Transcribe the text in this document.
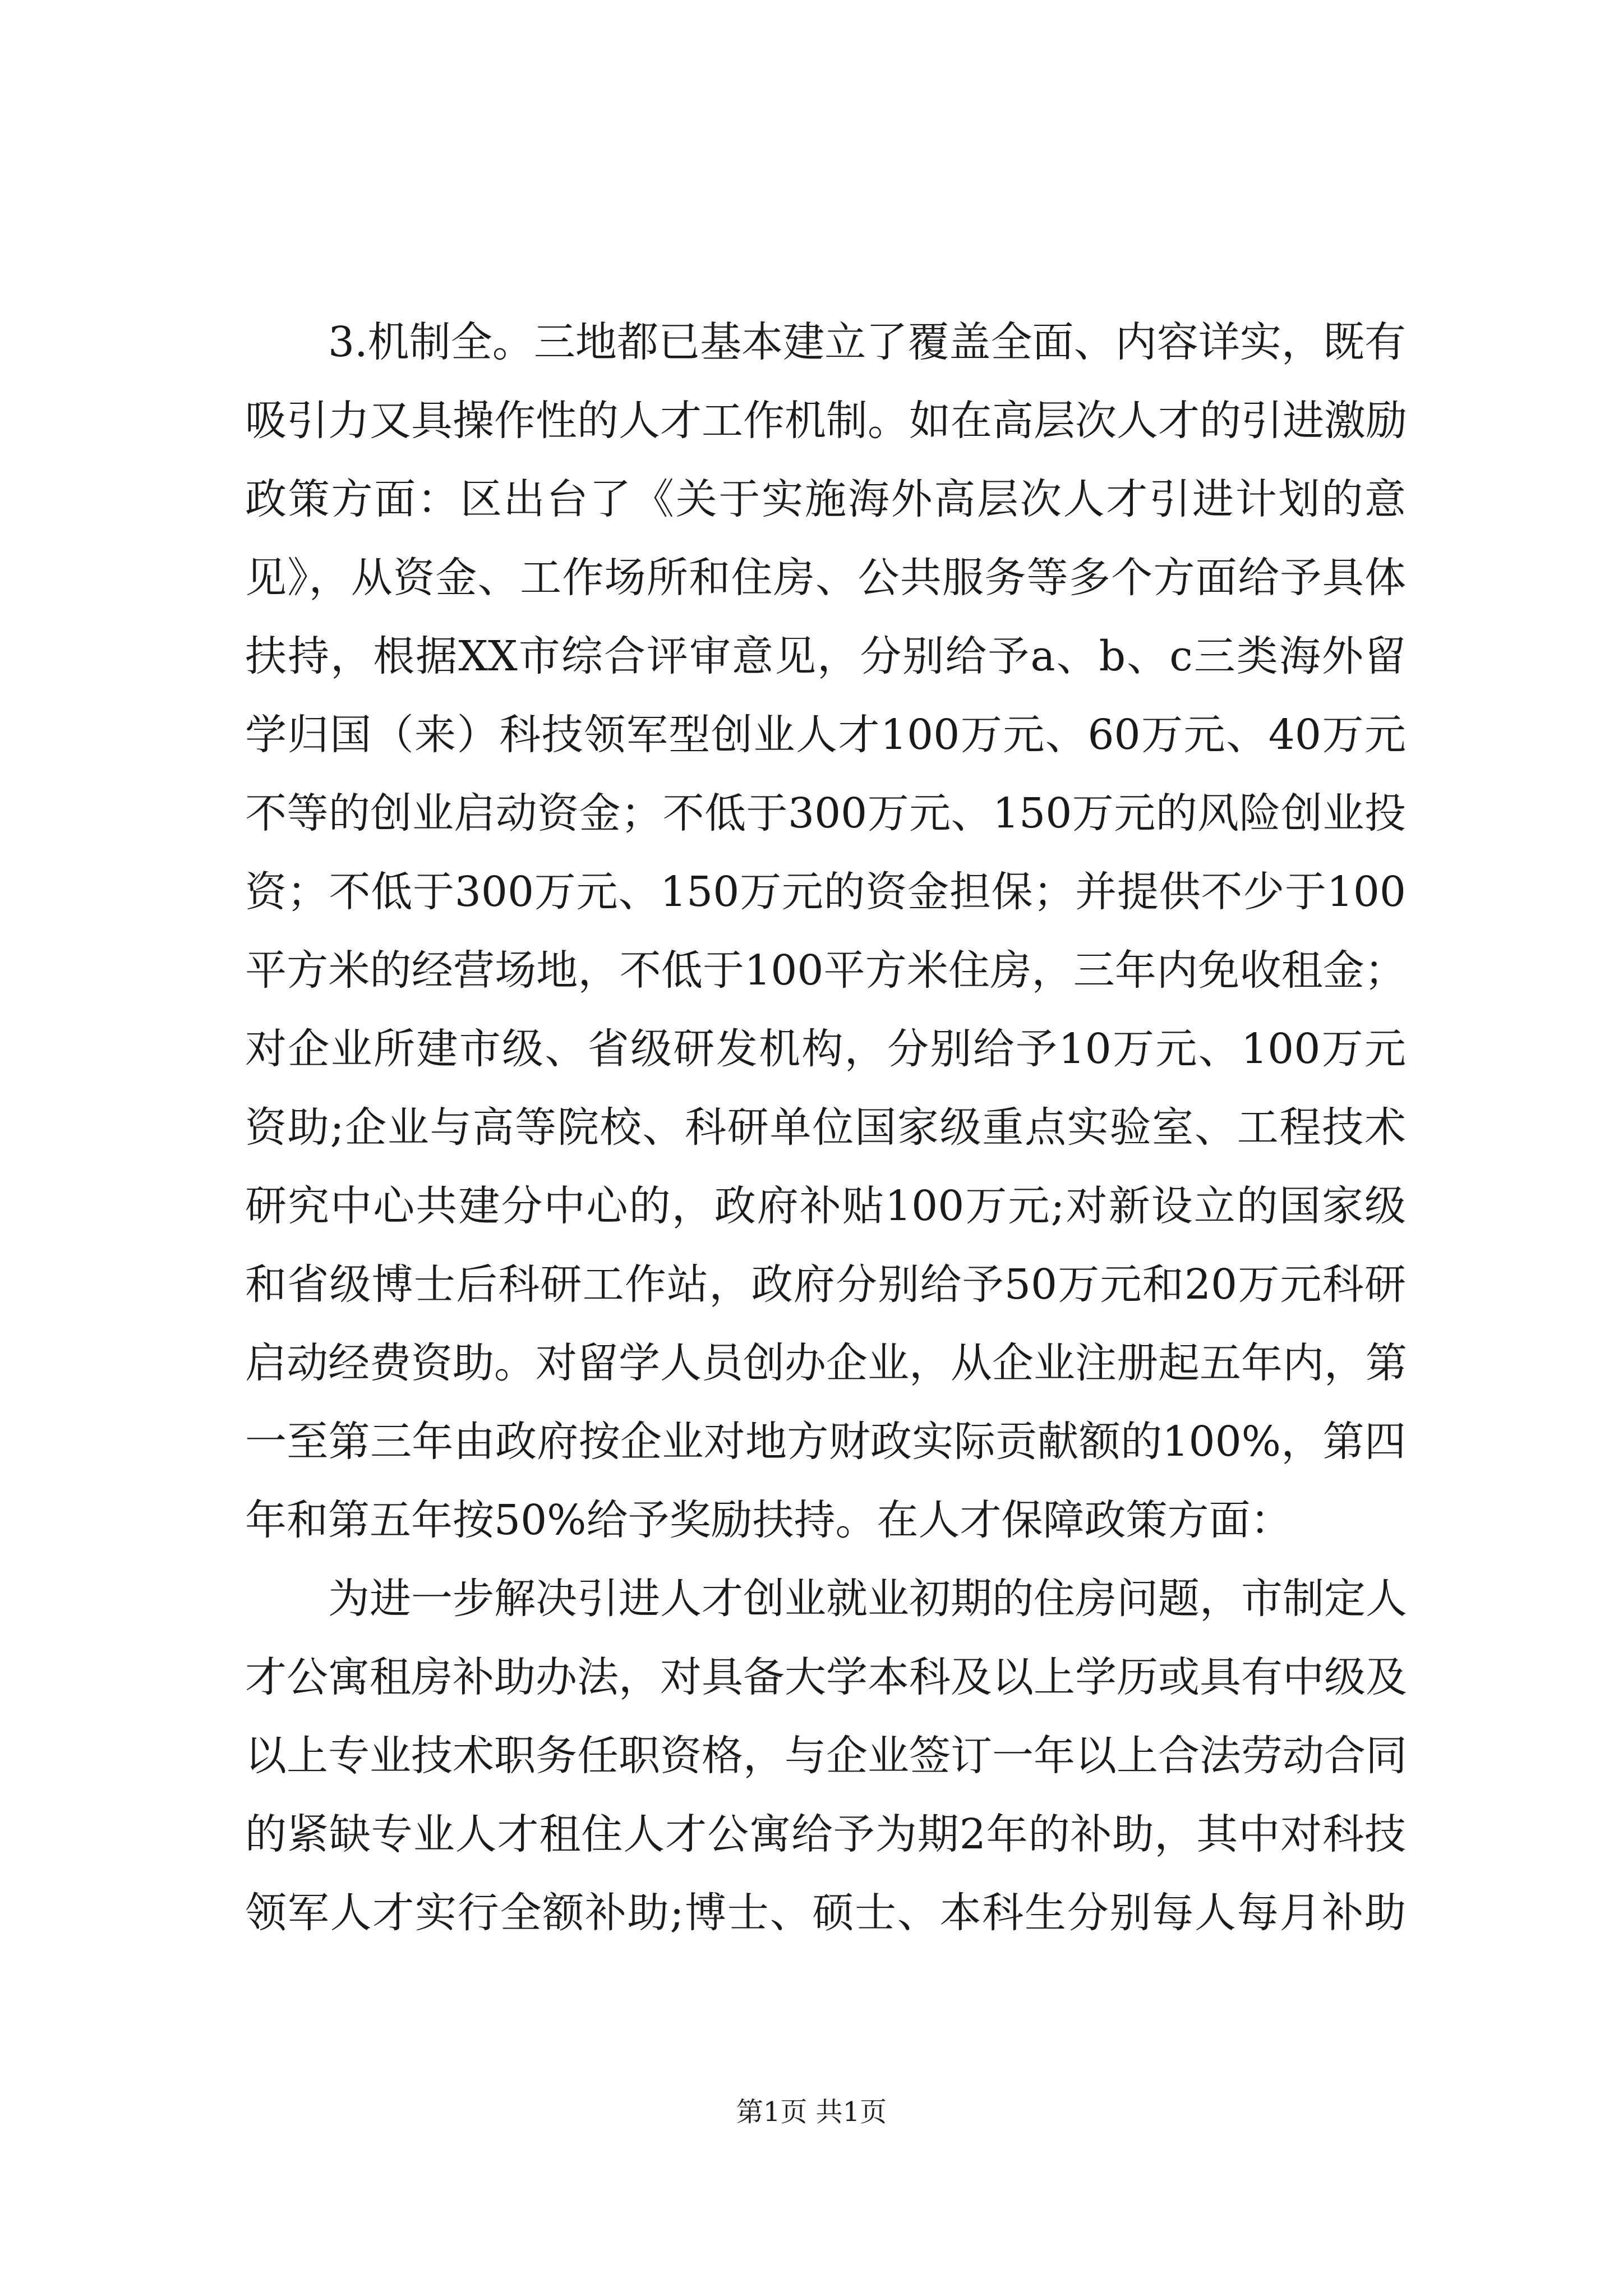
3.机制全。三地都已基本建立了覆盖全面、内容详实，既有
吸引力又具操作性的人才工作机制。如在高层次人才的引进激励
政策方面：区出台了《关于实施海外高层次人才引进计划的意
见》，从资金、工作场所和住房、公共服务等多个方面给予具体
扶持，根据XX市综合评审意见，分别给予a、b、c三类海外留
学归国（来）科技领军型创业人才100万元、60万元、40万元
不等的创业启动资金；不低于300万元、150万元的风险创业投
资；不低于300万元、150万元的资金担保；并提供不少于100
平方米的经营场地，不低于100平方米住房，三年内免收租金；
对企业所建市级、省级研发机构，分别给予10万元、100万元
资助;企业与高等院校、科研单位国家级重点实验室、工程技术
研究中心共建分中心的，政府补贴100万元;对新设立的国家级
和省级博士后科研工作站，政府分别给予50万元和20万元科研
启动经费资助。对留学人员创办企业，从企业注册起五年内，第
一至第三年由政府按企业对地方财政实际贡献额的100%，第四
年和第五年按50%给予奖励扶持。在人才保障政策方面：
为进一步解决引进人才创业就业初期的住房问题，市制定人
才公寓租房补助办法，对具备大学本科及以上学历或具有中级及
以上专业技术职务任职资格，与企业签订一年以上合法劳动合同
的紧缺专业人才租住人才公寓给予为期2年的补助，其中对科技
领军人才实行全额补助;博士、硕士、本科生分别每人每月补助
第1页 共1页
